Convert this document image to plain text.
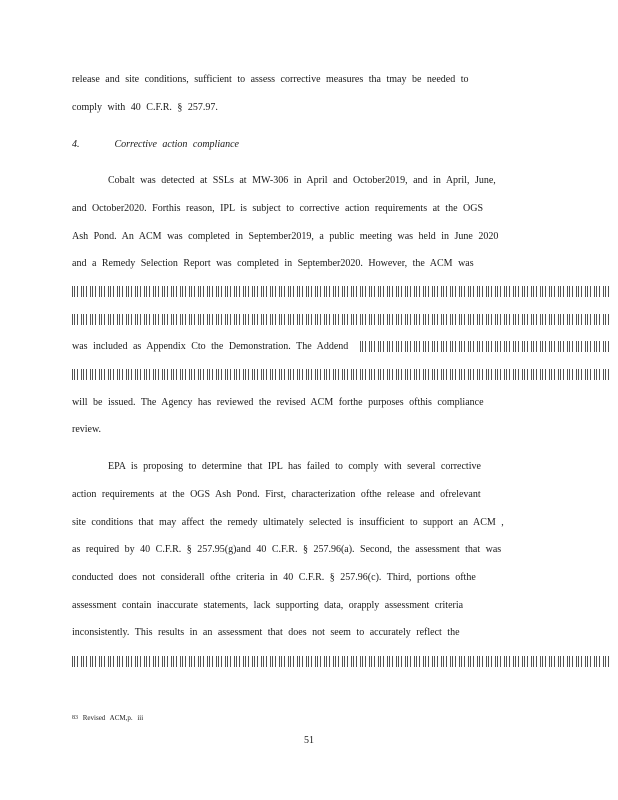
release and site conditions, sufficient to assess corrective measures tha tmay be needed to
comply with 40 C.F.R. § 257.97.
4.	Corrective action compliance
Cobalt was detected at SSLs at MW-306 in April and October2019, and in April, June,
and October2020. Forthis reason, IPL is subject to corrective action requirements at the OGS
Ash Pond. An ACM was completed in September2019, a public meeting was held in June 2020
and a Remedy Selection Report was completed in September2020. However, the ACM was
was included as Appendix Cto the Demonstration. The Addend
will be issued. The Agency has reviewed the revised ACM forthe purposes ofthis compliance
review.
EPA is proposing to determine that IPL has failed to comply with several corrective
action requirements at the OGS Ash Pond. First, characterization ofthe release and ofrelevant
site conditions that may affect the remedy ultimately selected is insufficient to support an ACM ,
as required by 40 C.F.R. § 257.95(g)and 40 C.F.R. § 257.96(a). Second, the assessment that was
conducted does not considerall ofthe criteria in 40 C.F.R. § 257.96(c). Third, portions ofthe
assessment contain inaccurate statements, lack supporting data, orapply assessment criteria
inconsistently. This results in an assessment that does not seem to accurately reflect the
83 Revised ACM,p. iii
51
